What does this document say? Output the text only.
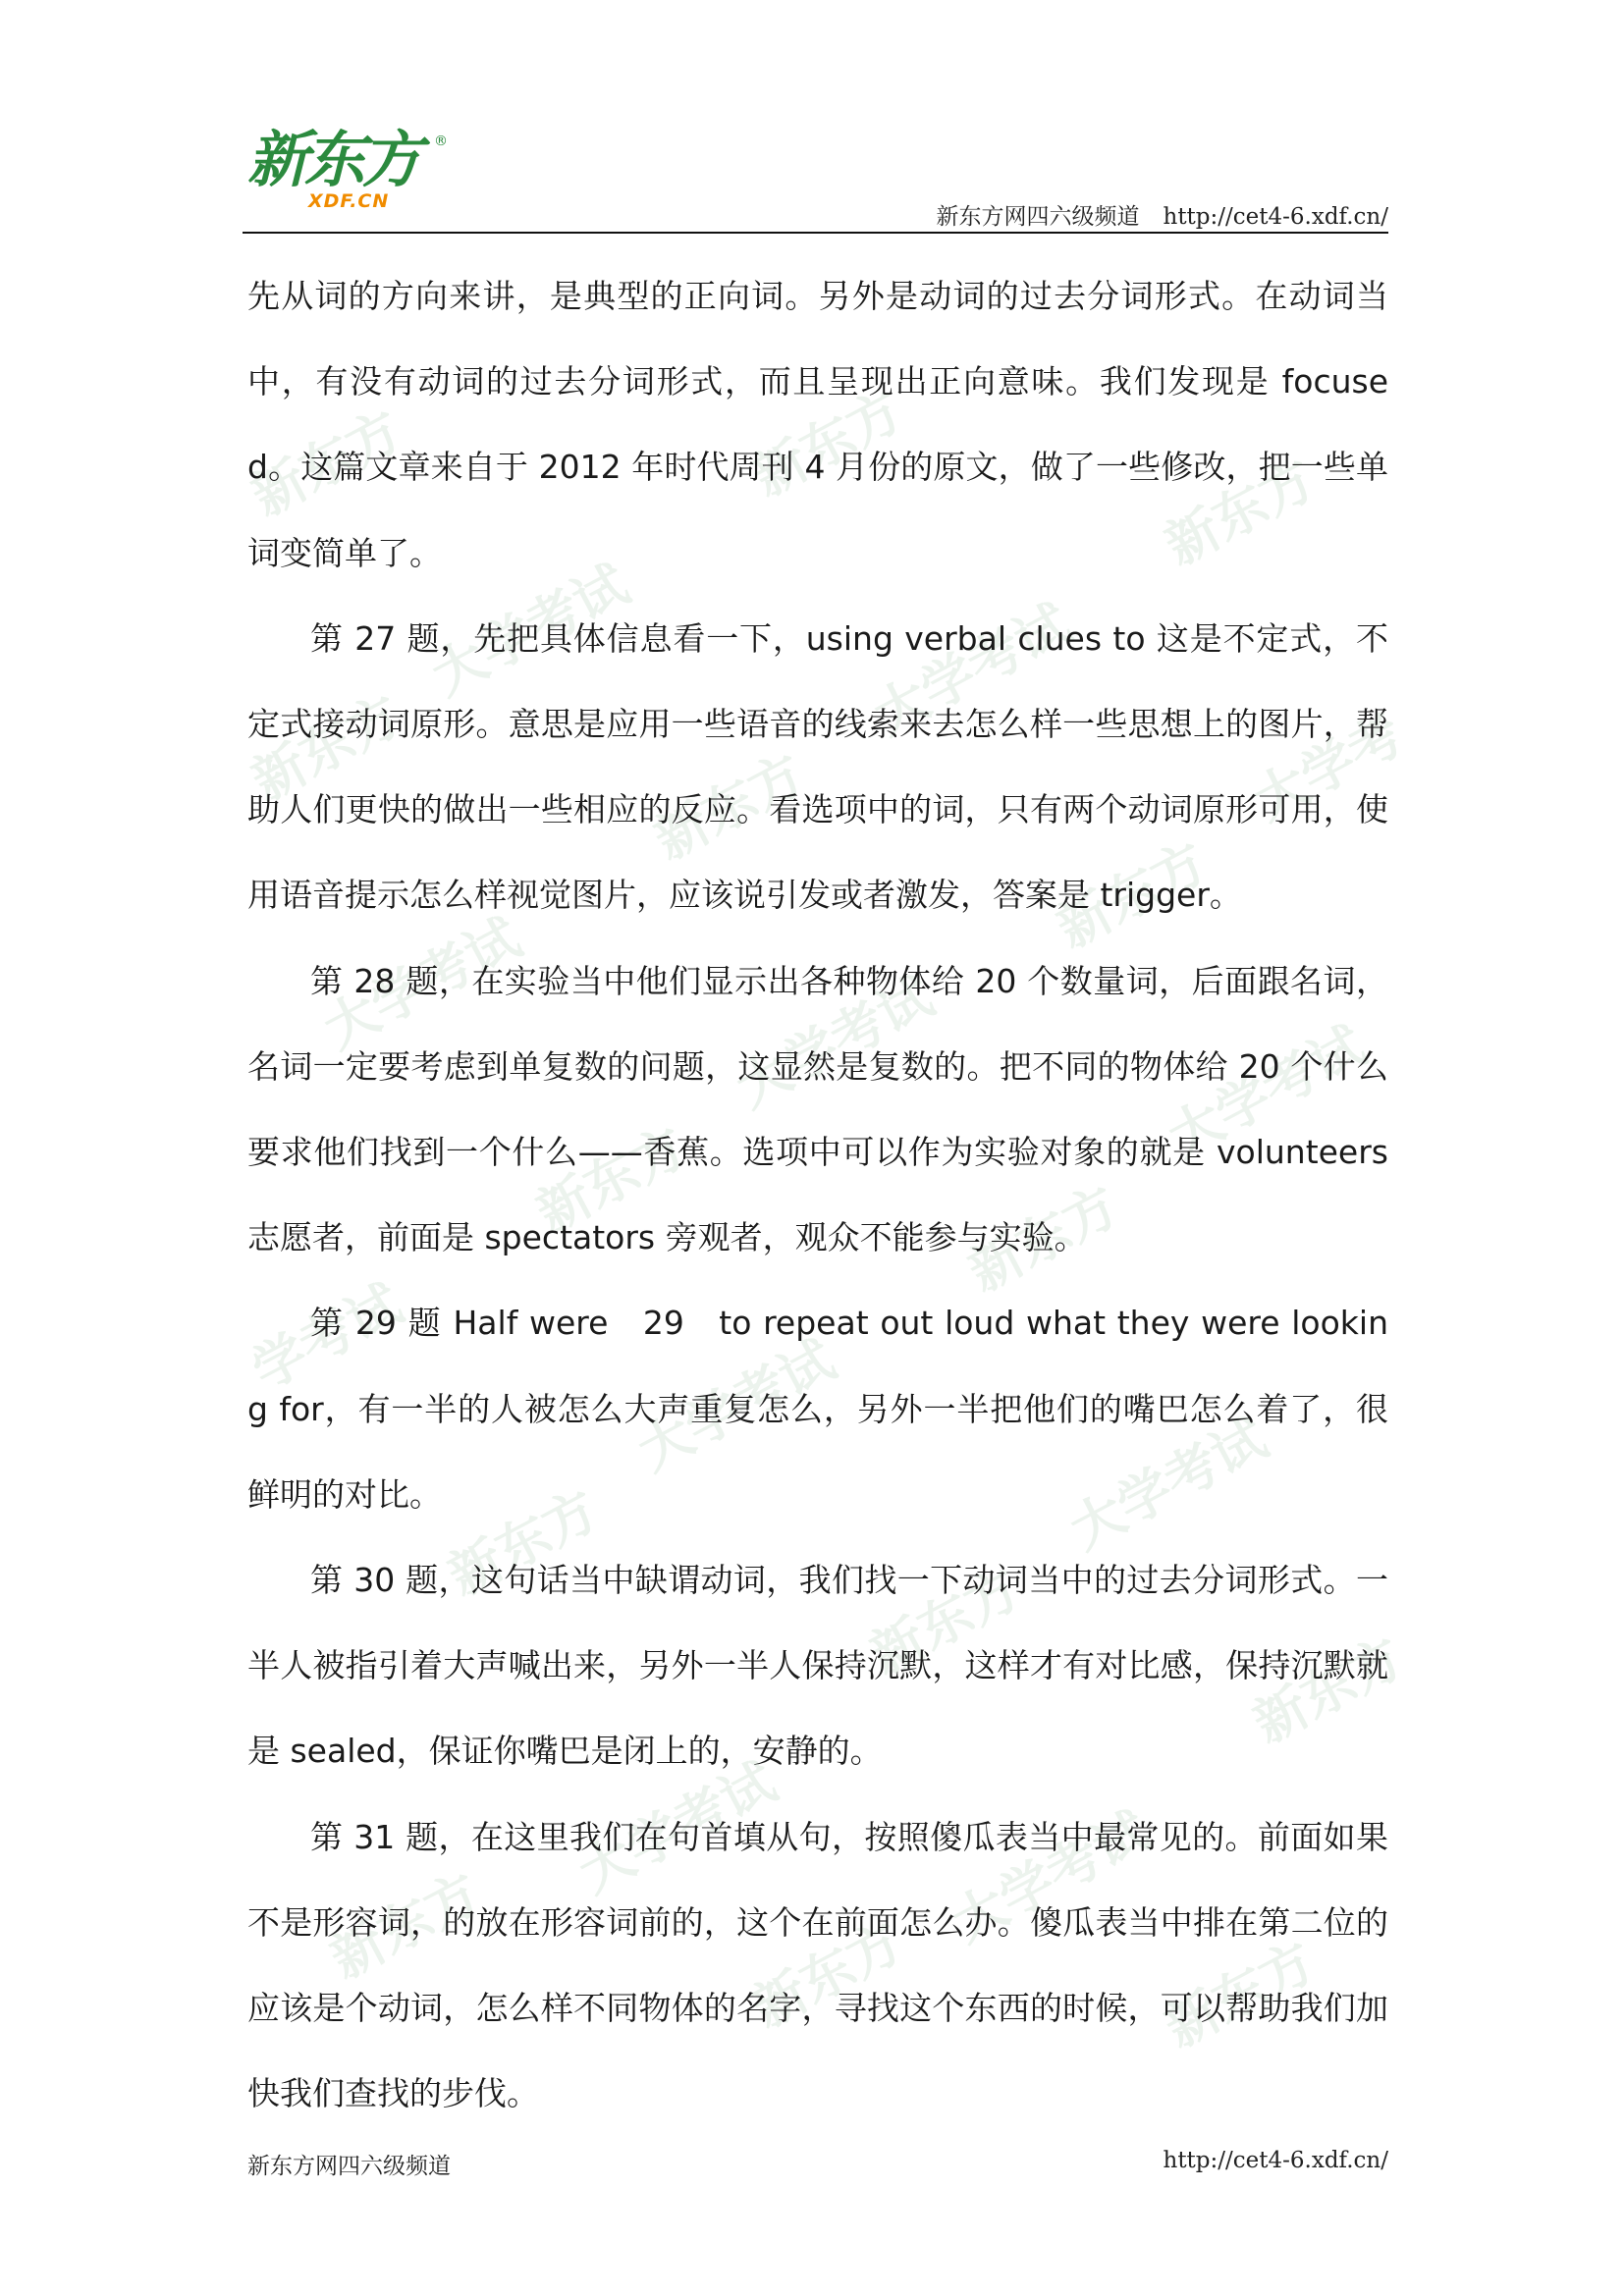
新东方	新东方
新东方
大学考试	大学考试
新东方	新东方	大学考
新东方
大学考试	大学考试	大学考试
新东方	新东方
学考试	大学考试
新东方	大学考试
新东方
新东方
大学考试	大学考试
新东方	新东方	新东方
新东方 ®
XDF.CN
新东方网四六级频道 http://cet4-6.xdf.cn/

先从词的方向来讲，是典型的正向词。另外是动词的过去分词形式。在动词当中，有没有动词的过去分词形式，而且呈现出正向意味。我们发现是 focused。这篇文章来自于 2012 年时代周刊 4 月份的原文，做了一些修改，把一些单词变简单了。

第 27 题，先把具体信息看一下，using verbal clues to 这是不定式，不定式接动词原形。意思是应用一些语音的线索来去怎么样一些思想上的图片，帮助人们更快的做出一些相应的反应。看选项中的词，只有两个动词原形可用，使用语音提示怎么样视觉图片，应该说引发或者激发，答案是 trigger。

第 28 题，在实验当中他们显示出各种物体给 20 个数量词，后面跟名词，名词一定要考虑到单复数的问题，这显然是复数的。把不同的物体给 20 个什么要求他们找到一个什么——香蕉。选项中可以作为实验对象的就是 volunteers 志愿者，前面是 spectators 旁观者，观众不能参与实验。

第 29 题 Half were　29　to repeat out loud what they were looking for，有一半的人被怎么大声重复怎么，另外一半把他们的嘴巴怎么着了，很鲜明的对比。

第 30 题，这句话当中缺谓动词，我们找一下动词当中的过去分词形式。一半人被指引着大声喊出来，另外一半人保持沉默，这样才有对比感，保持沉默就是 sealed，保证你嘴巴是闭上的，安静的。

第 31 题，在这里我们在句首填从句，按照傻瓜表当中最常见的。前面如果不是形容词，的放在形容词前的，这个在前面怎么办。傻瓜表当中排在第二位的应该是个动词，怎么样不同物体的名字，寻找这个东西的时候，可以帮助我们加快我们查找的步伐。

新东方网四六级频道	http://cet4-6.xdf.cn/
